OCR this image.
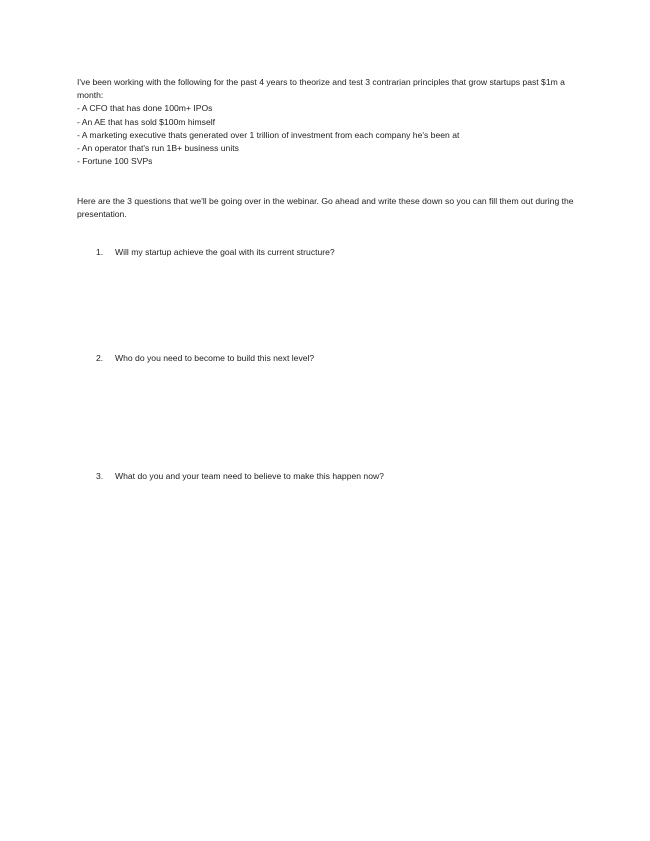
I've been working with the following for the past 4 years to theorize and test 3 contrarian principles that grow startups past $1m a month:

- A CFO that has done 100m+ IPOs
- An AE that has sold $100m himself
- A marketing executive thats generated over 1 trillion of investment from each company he's been at
- An operator that's run 1B+ business units
- Fortune 100 SVPs

Here are the 3 questions that we'll be going over in the webinar. Go ahead and write these down so you can fill them out during the presentation.

1. Will my startup achieve the goal with its current structure?
2. Who do you need to become to build this next level?
3. What do you and your team need to believe to make this happen now?
